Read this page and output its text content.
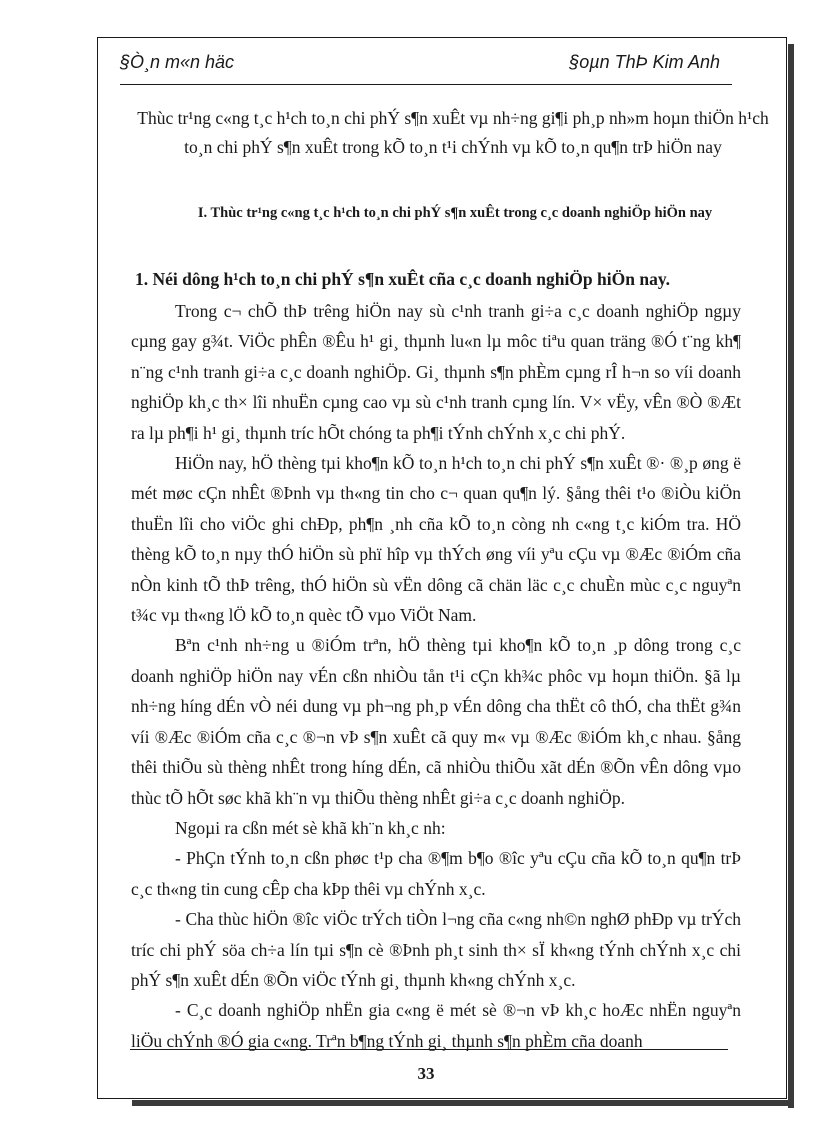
§Ò¸n m«n häc	§oµn ThÞ Kim Anh
Thùc tr¹ng c«ng t¸c h¹ch to¸n chi phÝ s¶n xuÊt vµ nh÷ng gi¶i ph¸p nh»m hoµn thiÖn h¹ch to¸n chi phÝ s¶n xuÊt trong kÕ to¸n t¹i chÝnh vµ kÕ to¸n qu¶n trÞ hiÖn nay
I. Thùc tr¹ng c«ng t¸c h¹ch to¸n chi phÝ s¶n xuÊt trong c¸c doanh nghiÖp hiÖn nay
1. Néi dông h¹ch to¸n chi phÝ s¶n xuÊt cña c¸c doanh nghiÖp hiÖn nay.

Trong c¬ chÕ thÞ trêng hiÖn nay sù c¹nh tranh gi÷a c¸c doanh nghiÖp ngµy cµng gay g¾t. ViÖc phÊn ®Êu h¹ gi¸ thµnh lu«n lµ môc tiªu quan träng ®Ó t¨ng kh¶ n¨ng c¹nh tranh gi÷a c¸c doanh nghiÖp. Gi¸ thµnh s¶n phÈm cµng rÎ h¬n so víi doanh nghiÖp kh¸c th× lîi nhuËn cµng cao vµ sù c¹nh tranh cµng lín. V× vËy, vÊn ®Ò ®Æt ra lµ ph¶i h¹ gi¸ thµnh tríc hÕt chóng ta ph¶i tÝnh chÝnh x¸c chi phÝ.

HiÖn nay, hÖ thèng tµi kho¶n kÕ to¸n h¹ch to¸n chi phÝ s¶n xuÊt ®· ®¸p øng ë mét møc cÇn nhÊt ®Þnh vµ th«ng tin cho c¬ quan qu¶n lý. §ång thêi t¹o ®iÒu kiÖn thuËn lîi cho viÖc ghi chÐp, ph¶n ¸nh cña kÕ to¸n còng nh c«ng t¸c kiÓm tra. HÖ thèng kÕ to¸n nµy thÓ hiÖn sù phï hîp vµ thÝch øng víi yªu cÇu vµ ®Æc ®iÓm cña nÒn kinh tÕ thÞ trêng, thÓ hiÖn sù vËn dông cã chän läc c¸c chuÈn mùc c¸c nguyªn t¾c vµ th«ng lÖ kÕ to¸n quèc tÕ vµo ViÖt Nam.

Bªn c¹nh nh÷ng u ®iÓm trªn, hÖ thèng tµi kho¶n kÕ to¸n ¸p dông trong c¸c doanh nghiÖp hiÖn nay vÉn cßn nhiÒu tån t¹i cÇn kh¾c phôc vµ hoµn thiÖn. §ã lµ nh÷ng híng dÉn vÒ néi dung vµ ph¬ng ph¸p vÉn dông cha thËt cô thÓ, cha thËt g¾n víi ®Æc ®iÓm cña c¸c ®¬n vÞ s¶n xuÊt cã quy m« vµ ®Æc ®iÓm kh¸c nhau. §ång thêi thiÕu sù thèng nhÊt trong híng dÉn, cã nhiÒu thiÕu xãt dÉn ®Õn vÊn dông vµo thùc tÕ hÕt søc khã kh¨n vµ thiÕu thèng nhÊt gi÷a c¸c doanh nghiÖp.

Ngoµi ra cßn mét sè khã kh¨n kh¸c nh:

- PhÇn tÝnh to¸n cßn phøc t¹p cha ®¶m b¶o ®îc yªu cÇu cña kÕ to¸n qu¶n trÞ c¸c th«ng tin cung cÊp cha kÞp thêi vµ chÝnh x¸c.

- Cha thùc hiÖn ®îc viÖc trÝch tiÒn l¬ng cña c«ng nh©n nghØ phÐp vµ trÝch tríc chi phÝ söa ch÷a lín tµi s¶n cè ®Þnh ph¸t sinh th× sÏ kh«ng tÝnh chÝnh x¸c chi phÝ s¶n xuÊt dÉn ®Õn viÖc tÝnh gi¸ thµnh kh«ng chÝnh x¸c.

- C¸c doanh nghiÖp nhËn gia c«ng ë mét sè ®¬n vÞ kh¸c hoÆc nhËn nguyªn liÖu chÝnh ®Ó gia c«ng. Trªn b¶ng tÝnh gi¸ thµnh s¶n phÈm cña doanh

33
